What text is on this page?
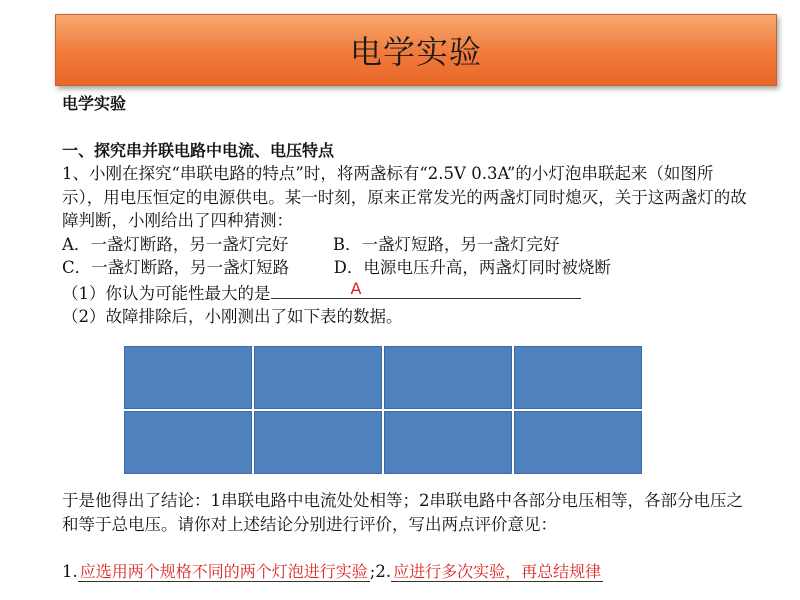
电学实验
电学实验
一、探究串并联电路中电流、电压特点
1、小刚在探究“串联电路的特点”时，将两盏标有“2.5V 0.3A”的小灯泡串联起来（如图所示），用电压恒定的电源供电。某一时刻，原来正常发光的两盏灯同时熄灭，关于这两盏灯的故障判断，小刚给出了四种猜测：
A．一盏灯断路，另一盏灯完好	B．一盏灯短路，另一盏灯完好
C．一盏灯断路，另一盏灯短路	D．电源电压升高，两盏灯同时被烧断
（1）你认为可能性最大的是	A
（2）故障排除后，小刚测出了如下表的数据。

于是他得出了结论：1串联电路中电流处处相等；2串联电路中各部分电压相等，各部分电压之和等于总电压。请你对上述结论分别进行评价，写出两点评价意见：
1. 应选用两个规格不同的两个灯泡进行实验 ;2. 应进行多次实验，再总结规律
